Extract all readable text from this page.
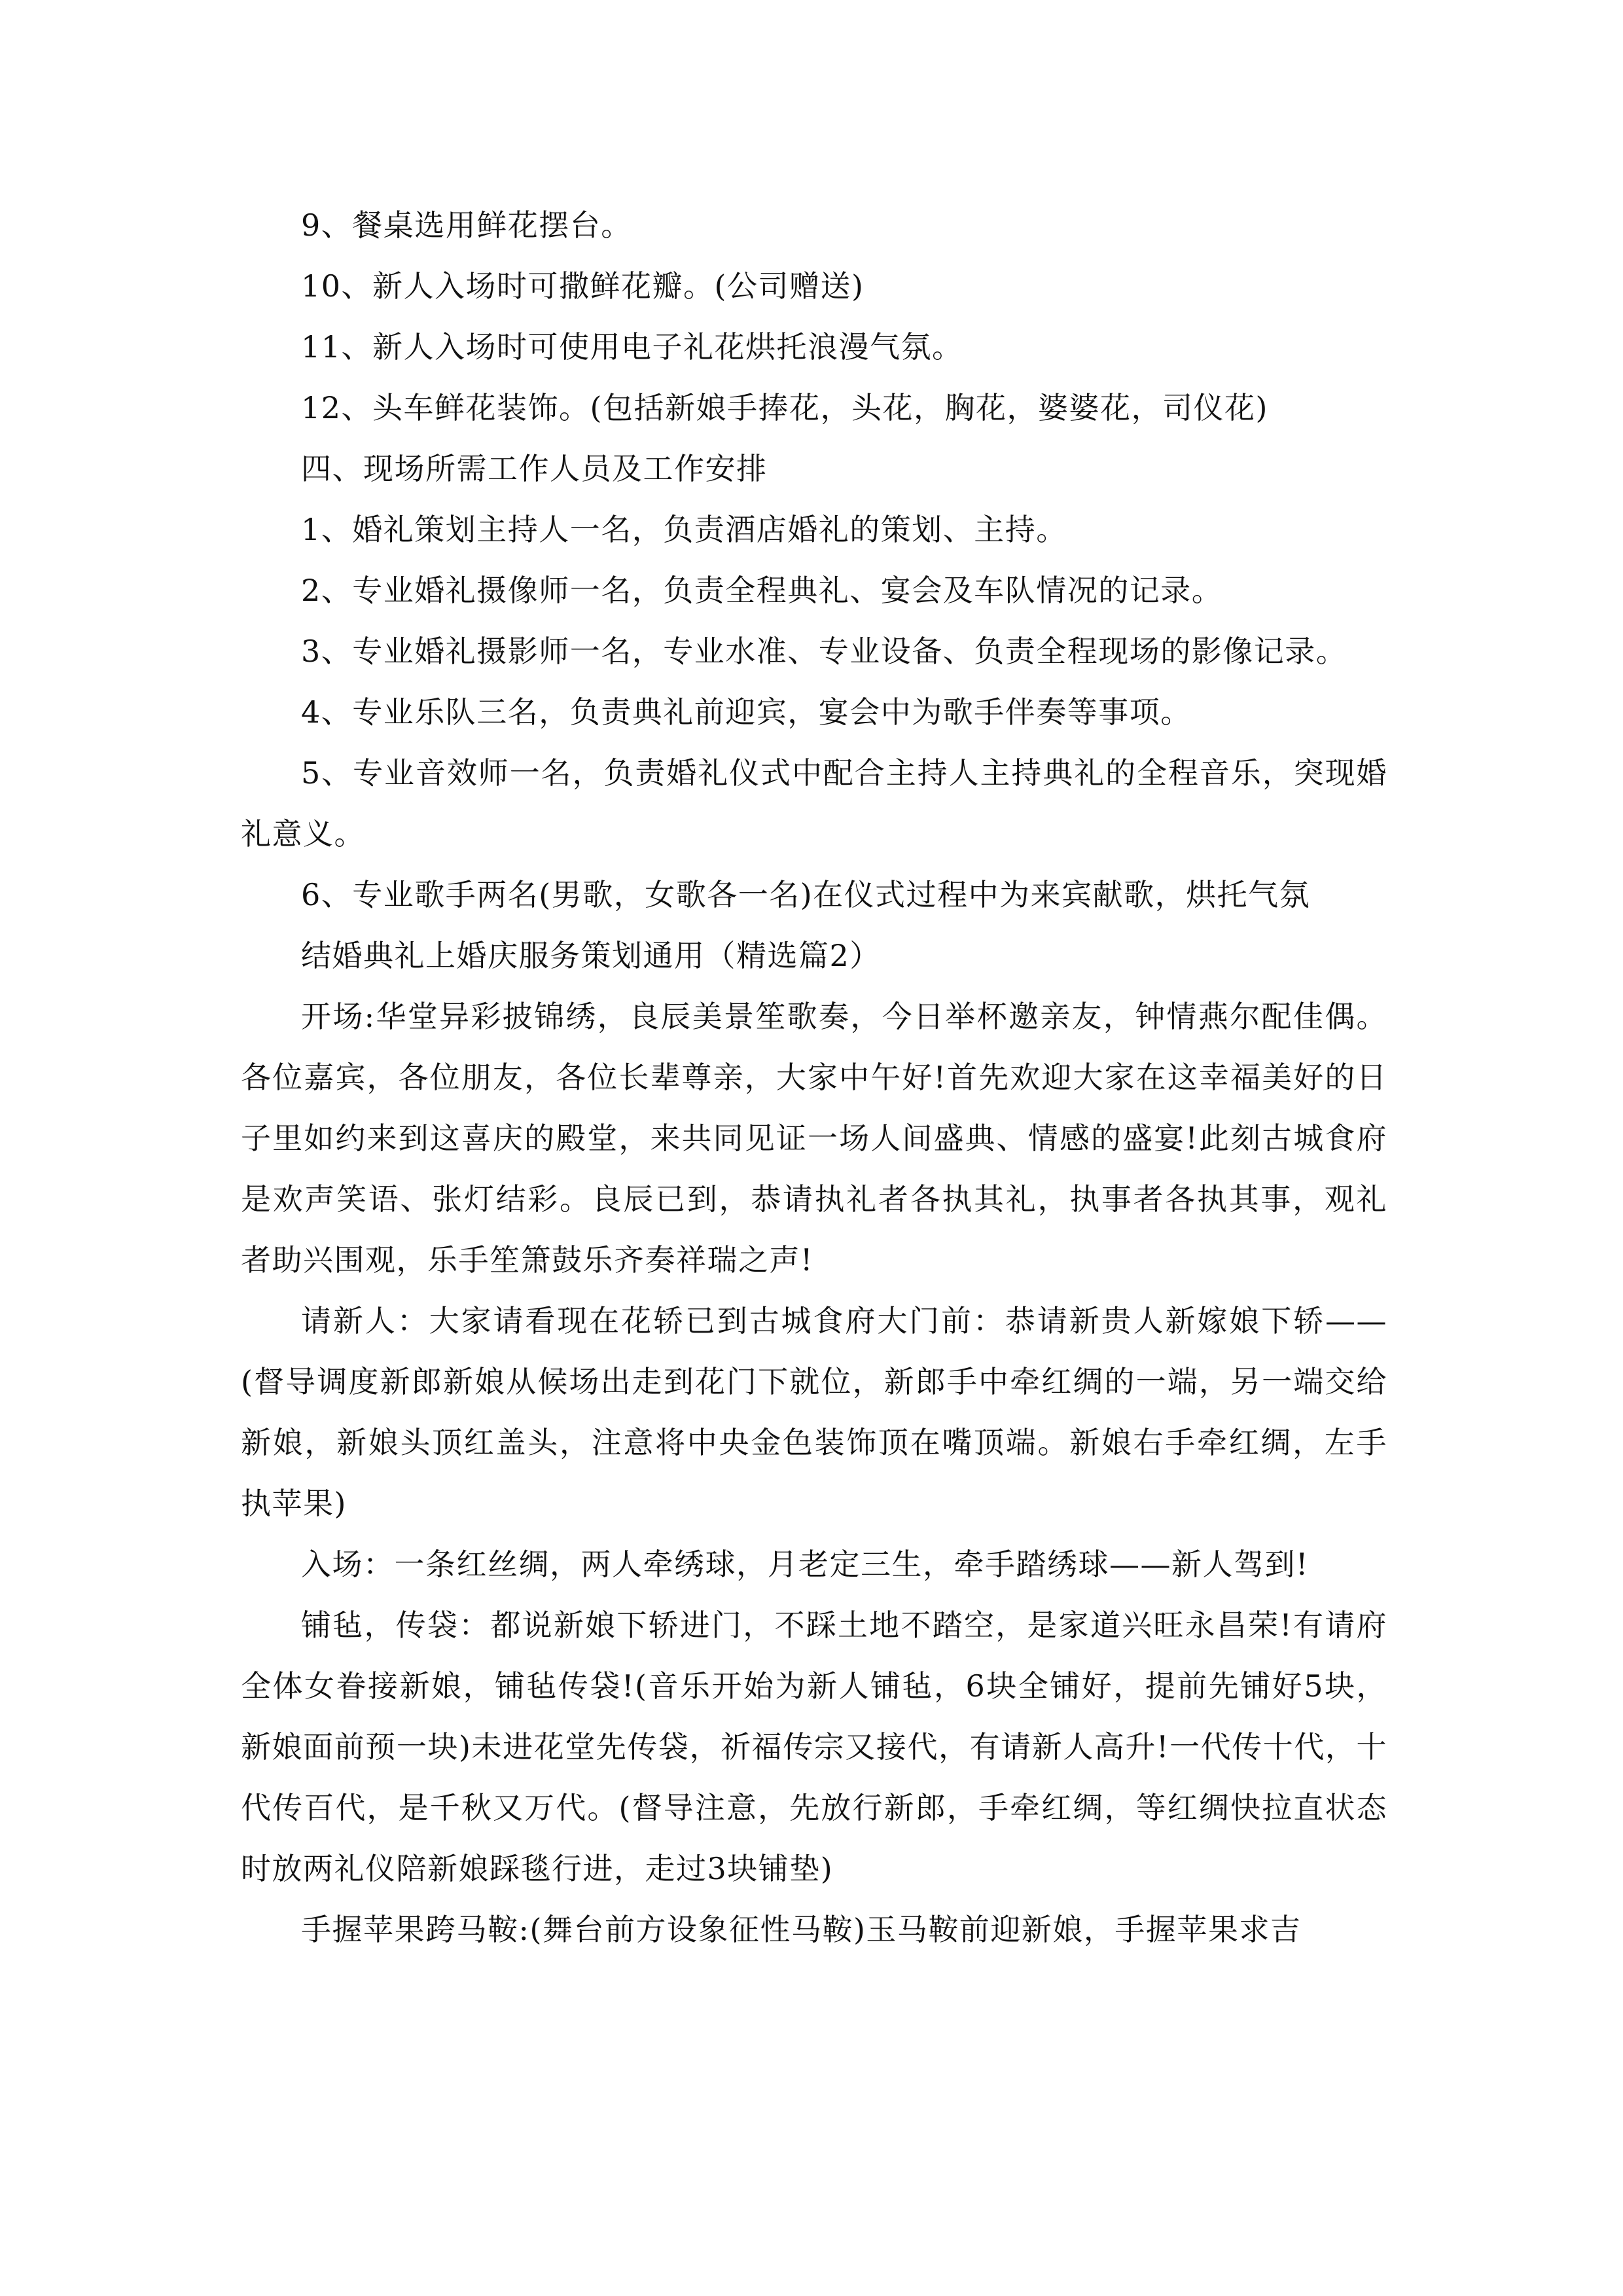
9、餐桌选用鲜花摆台。

10、新人入场时可撒鲜花瓣。(公司赠送)

11、新人入场时可使用电子礼花烘托浪漫气氛。

12、头车鲜花装饰。(包括新娘手捧花，头花，胸花，婆婆花，司仪花)

四、现场所需工作人员及工作安排

1、婚礼策划主持人一名，负责酒店婚礼的策划、主持。

2、专业婚礼摄像师一名，负责全程典礼、宴会及车队情况的记录。

3、专业婚礼摄影师一名，专业水准、专业设备、负责全程现场的影像记录。

4、专业乐队三名，负责典礼前迎宾，宴会中为歌手伴奏等事项。

5、专业音效师一名，负责婚礼仪式中配合主持人主持典礼的全程音乐，突现婚礼意义。

6、专业歌手两名(男歌，女歌各一名)在仪式过程中为来宾献歌，烘托气氛

结婚典礼上婚庆服务策划通用（精选篇2）

开场:华堂异彩披锦绣，良辰美景笙歌奏，今日举杯邀亲友，钟情燕尔配佳偶。各位嘉宾，各位朋友，各位长辈尊亲，大家中午好!首先欢迎大家在这幸福美好的日子里如约来到这喜庆的殿堂，来共同见证一场人间盛典、情感的盛宴!此刻古城食府是欢声笑语、张灯结彩。良辰已到，恭请执礼者各执其礼，执事者各执其事，观礼者助兴围观，乐手笙箫鼓乐齐奏祥瑞之声!

请新人：大家请看现在花轿已到古城食府大门前：恭请新贵人新嫁娘下轿——(督导调度新郎新娘从候场出走到花门下就位，新郎手中牵红绸的一端，另一端交给新娘，新娘头顶红盖头，注意将中央金色装饰顶在嘴顶端。新娘右手牵红绸，左手执苹果)

入场：一条红丝绸，两人牵绣球，月老定三生，牵手踏绣球——新人驾到!

铺毡，传袋：都说新娘下轿进门，不踩土地不踏空，是家道兴旺永昌荣!有请府全体女眷接新娘，铺毡传袋!(音乐开始为新人铺毡，6块全铺好，提前先铺好5块，新娘面前预一块)未进花堂先传袋，祈福传宗又接代，有请新人高升!一代传十代，十代传百代，是千秋又万代。(督导注意，先放行新郎，手牵红绸，等红绸快拉直状态时放两礼仪陪新娘踩毯行进，走过3块铺垫)

手握苹果跨马鞍:(舞台前方设象征性马鞍)玉马鞍前迎新娘，手握苹果求吉
